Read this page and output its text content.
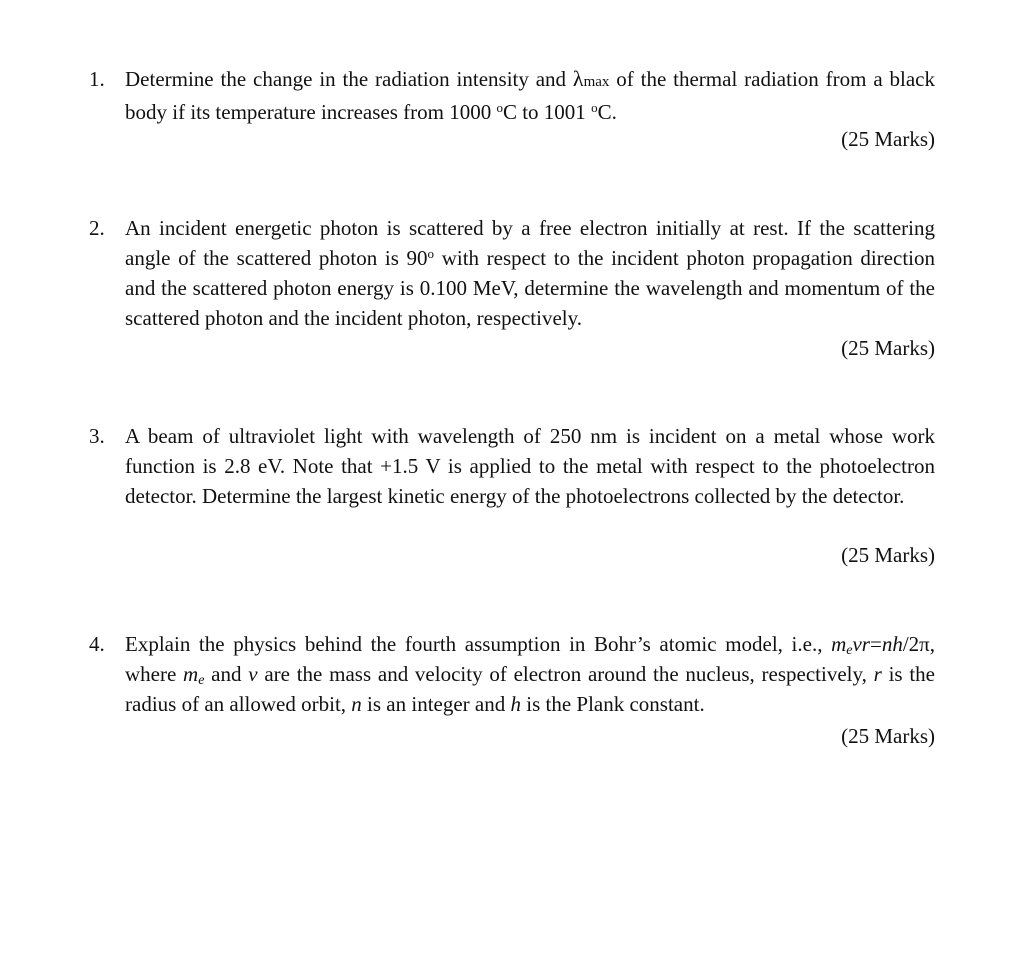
1. Determine the change in the radiation intensity and λmax of the thermal radiation from a black body if its temperature increases from 1000 $^o$C to 1001 $^o$C.
(25 Marks)
2. An incident energetic photon is scattered by a free electron initially at rest. If the scattering angle of the scattered photon is 90$^o$ with respect to the incident photon propagation direction and the scattered photon energy is 0.100 MeV, determine the wavelength and momentum of the scattered photon and the incident photon, respectively.
(25 Marks)
3. A beam of ultraviolet light with wavelength of 250 nm is incident on a metal whose work function is 2.8 eV. Note that +1.5 V is applied to the metal with respect to the photoelectron detector. Determine the largest kinetic energy of the photoelectrons collected by the detector.
(25 Marks)
4. Explain the physics behind the fourth assumption in Bohr’s atomic model, i.e., mevr=nh/2π, where me and v are the mass and velocity of electron around the nucleus, respectively, r is the radius of an allowed orbit, n is an integer and h is the Plank constant.
(25 Marks)
